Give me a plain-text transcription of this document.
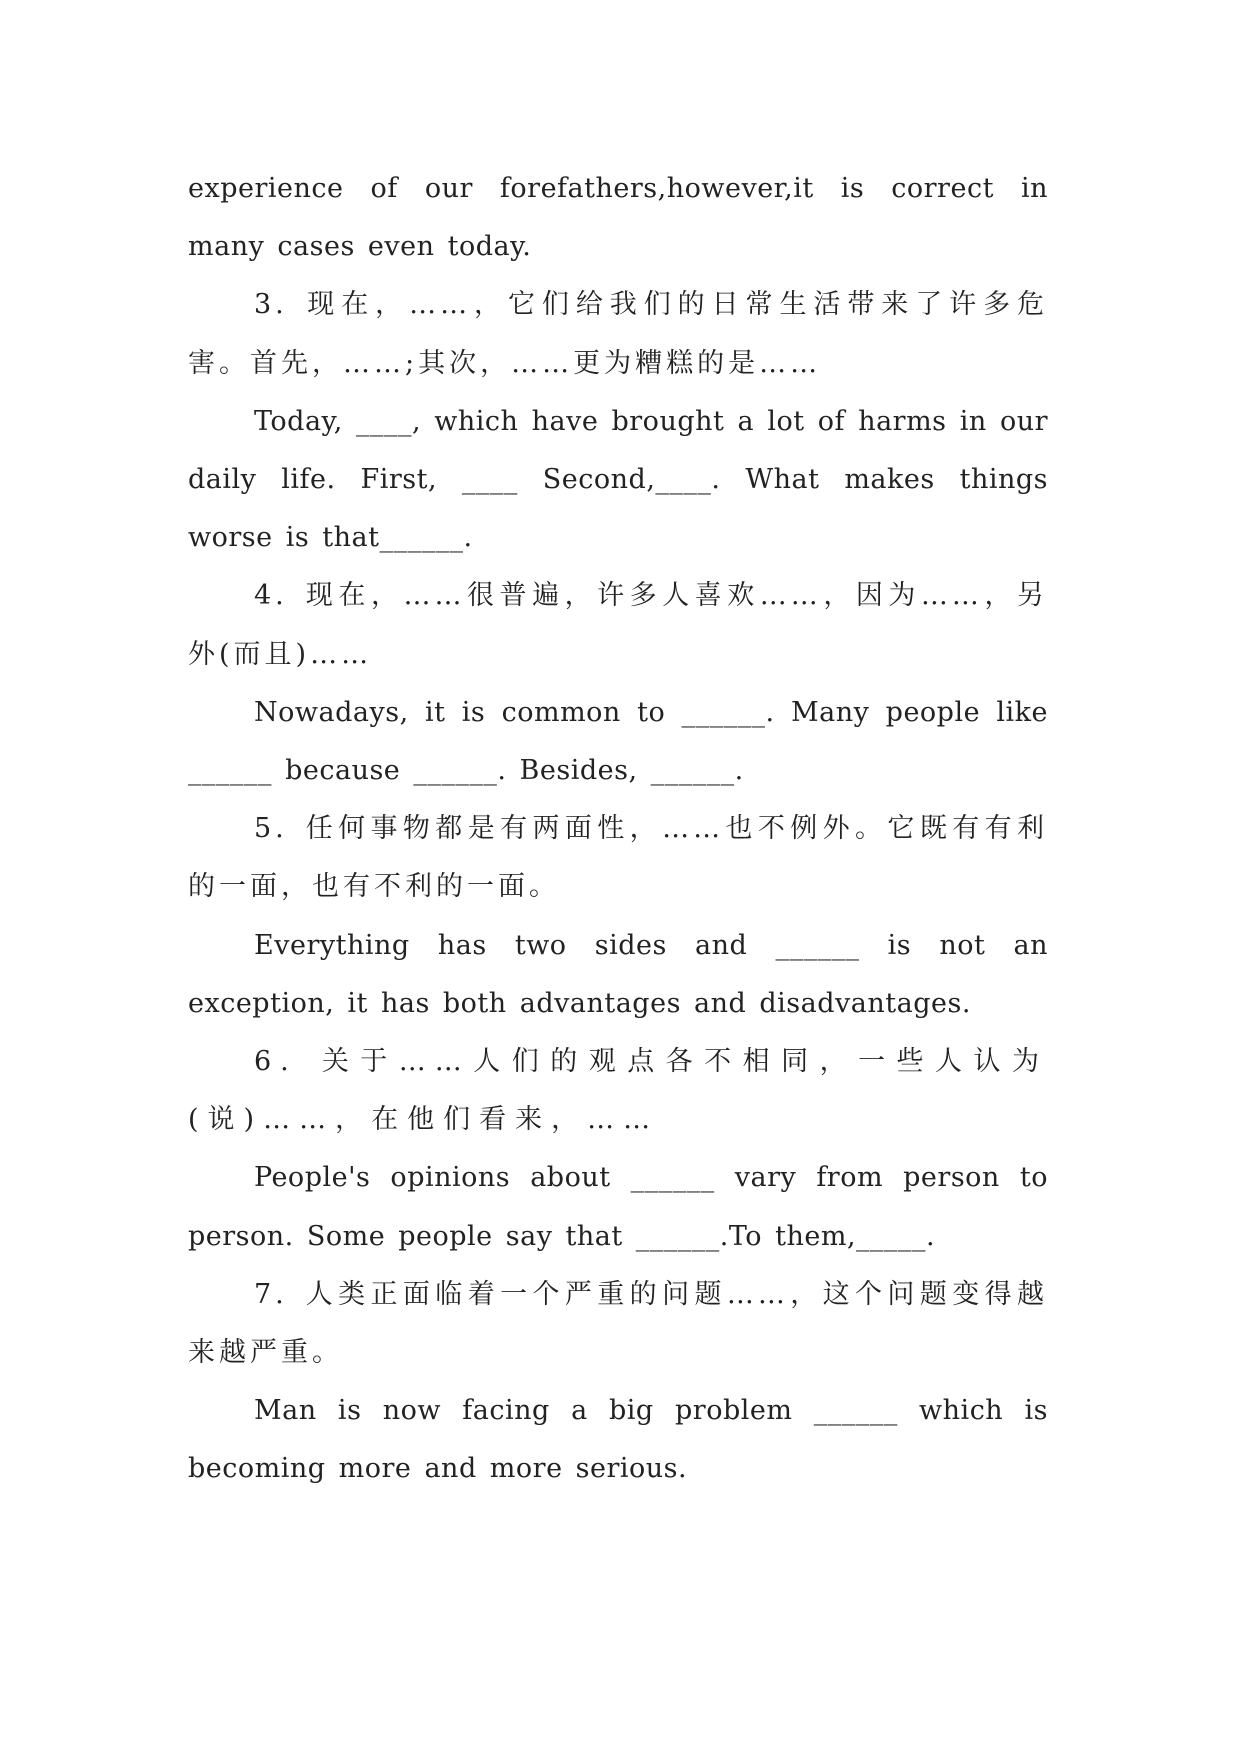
experience of our forefathers,however,it is correct in many cases even today.

3. 现在，……，它们给我们的日常生活带来了许多危害。首先，……;其次，……更为糟糕的是……

Today, ____, which have brought a lot of harms in our daily life. First, ____ Second,____. What makes things worse is that______.

4. 现在，……很普遍，许多人喜欢……，因为……，另外(而且)……

Nowadays, it is common to ______. Many people like ______ because ______. Besides, ______.

5. 任何事物都是有两面性，……也不例外。它既有有利的一面，也有不利的一面。

Everything has two sides and ______ is not an exception, it has both advantages and disadvantages.

6. 关于……人们的观点各不相同，一些人认为(说)……，在他们看来，……

People's opinions about ______ vary from person to person. Some people say that ______.To them,_____.

7. 人类正面临着一个严重的问题……，这个问题变得越来越严重。

Man is now facing a big problem ______ which is becoming more and more serious.
